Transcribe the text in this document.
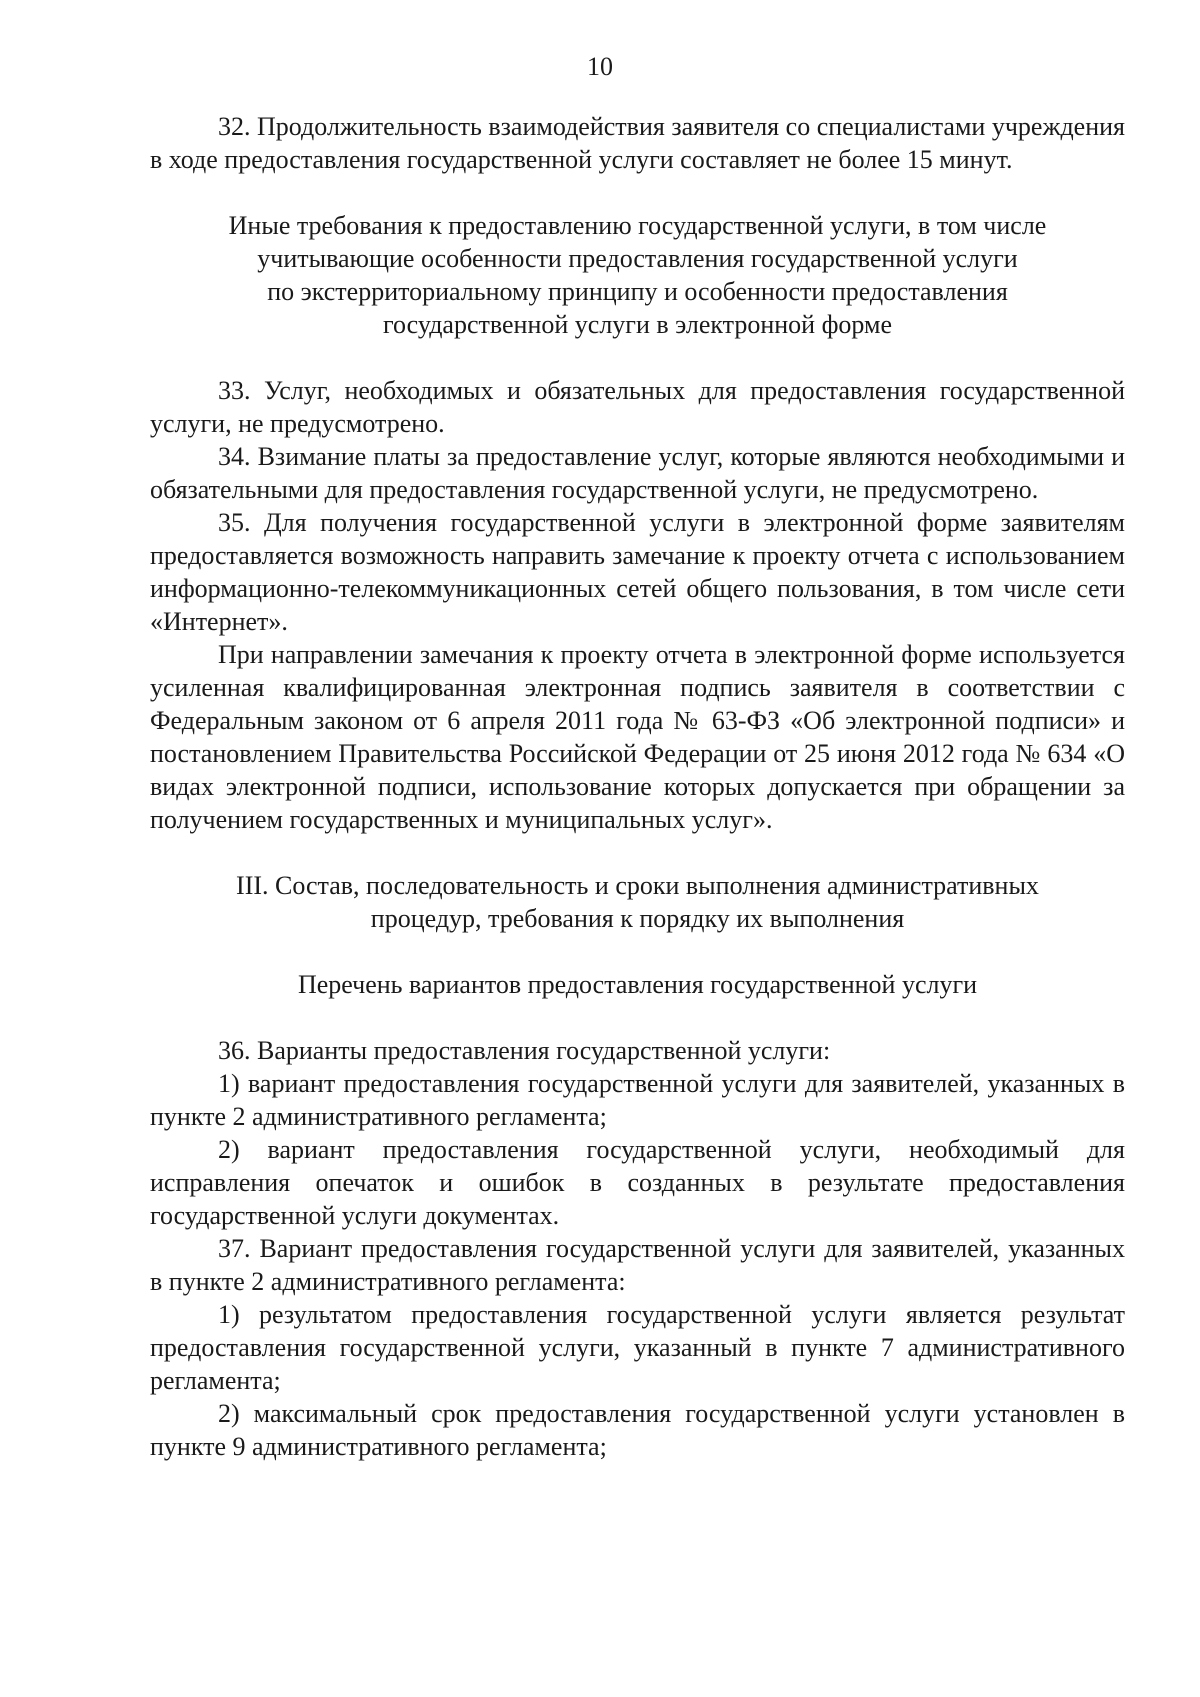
10

32. Продолжительность взаимодействия заявителя со специалистами учреждения в ходе предоставления государственной услуги составляет не более 15 минут.

Иные требования к предоставлению государственной услуги, в том числе
учитывающие особенности предоставления государственной услуги
по экстерриториальному принципу и особенности предоставления
государственной услуги в электронной форме

33. Услуг, необходимых и обязательных для предоставления государственной услуги, не предусмотрено.

34. Взимание платы за предоставление услуг, которые являются необходимыми и обязательными для предоставления государственной услуги, не предусмотрено.

35. Для получения государственной услуги в электронной форме заявителям предоставляется возможность направить замечание к проекту отчета с использованием информационно-телекоммуникационных сетей общего пользования, в том числе сети «Интернет».

При направлении замечания к проекту отчета в электронной форме используется усиленная квалифицированная электронная подпись заявителя в соответствии с Федеральным законом от 6 апреля 2011 года № 63-ФЗ «Об электронной подписи» и постановлением Правительства Российской Федерации от 25 июня 2012 года № 634 «О видах электронной подписи, использование которых допускается при обращении за получением государственных и муниципальных услуг».

III. Состав, последовательность и сроки выполнения административных
процедур, требования к порядку их выполнения
Перечень вариантов предоставления государственной услуги

36. Варианты предоставления государственной услуги:

1) вариант предоставления государственной услуги для заявителей, указанных в пункте 2 административного регламента;

2) вариант предоставления государственной услуги, необходимый для исправления опечаток и ошибок в созданных в результате предоставления государственной услуги документах.

37. Вариант предоставления государственной услуги для заявителей, указанных в пункте 2 административного регламента:

1) результатом предоставления государственной услуги является результат предоставления государственной услуги, указанный в пункте 7 административного регламента;

2) максимальный срок предоставления государственной услуги установлен в пункте 9 административного регламента;
